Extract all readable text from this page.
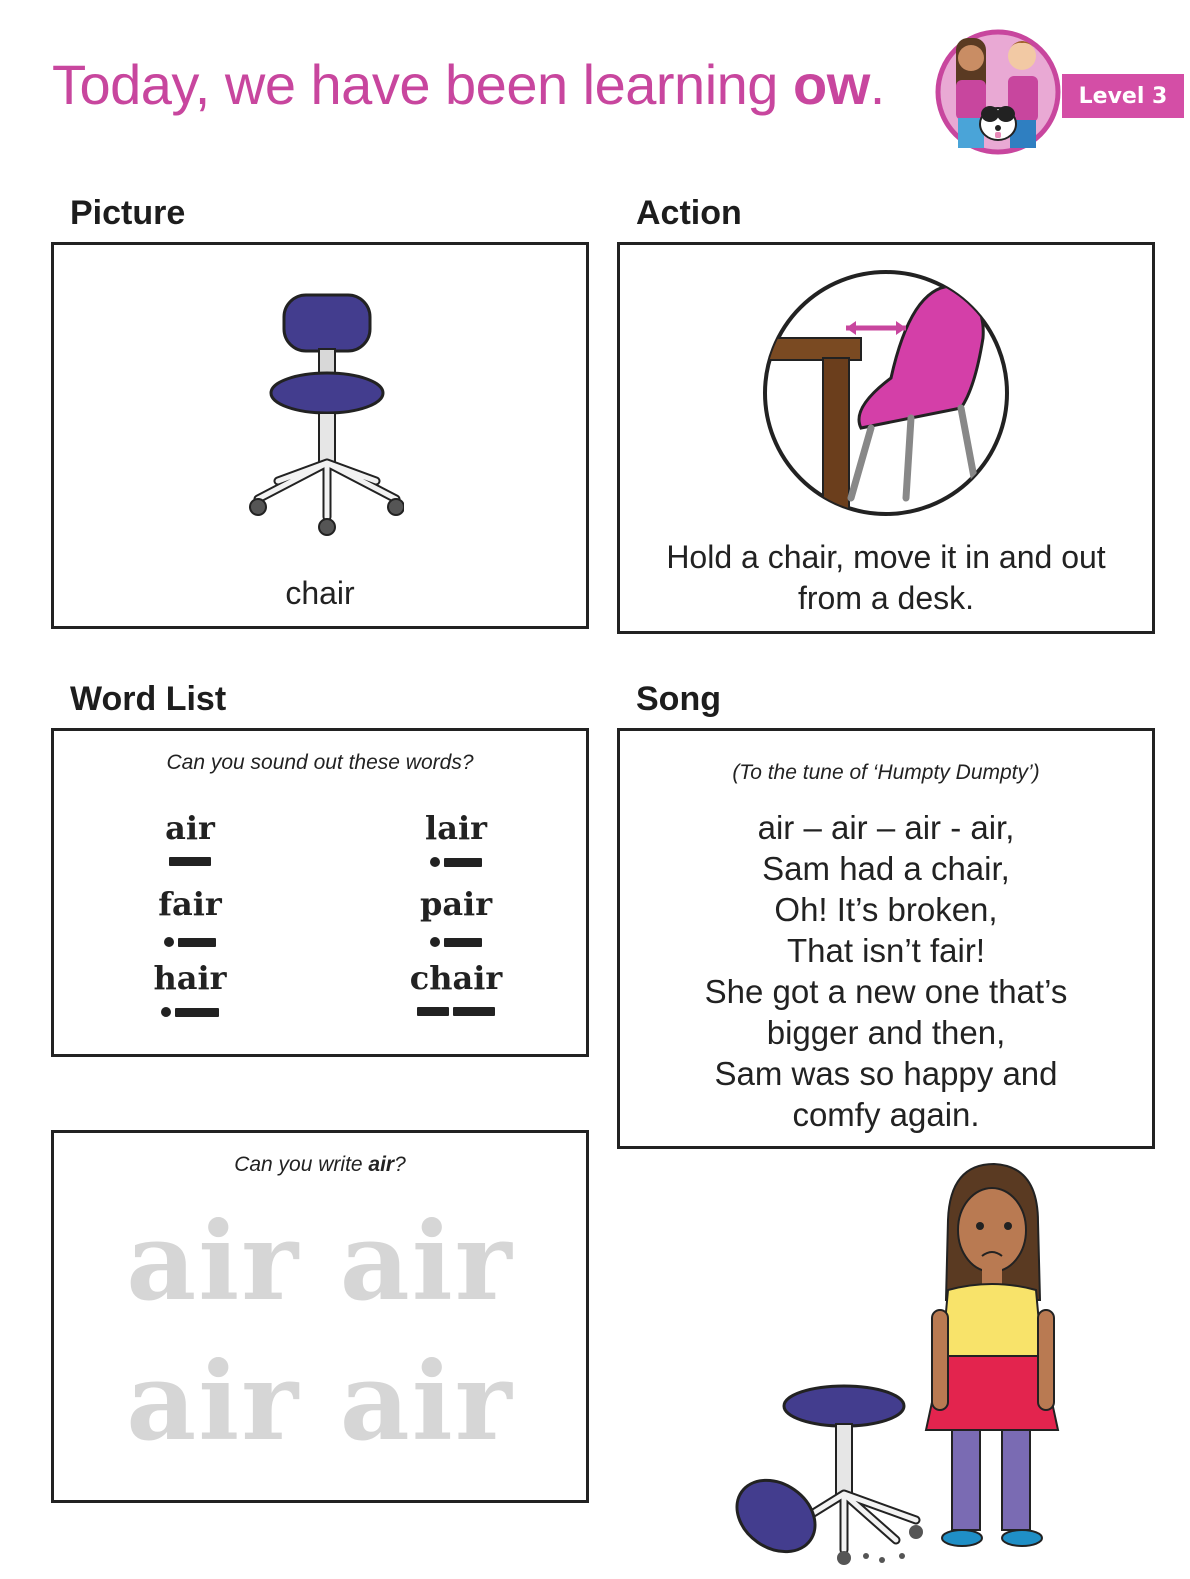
Today, we have been learning ow.	Level 3
Picture
chair
Action
Hold a chair, move it in and out
from a desk.
Word List
Can you sound out these words?
air	lair
fair	pair
hair	chair
Song
(To the tune of ‘Humpty Dumpty’)
air – air – air - air,
Sam had a chair,
Oh! It’s broken,
That isn’t fair!
She got a new one that’s
bigger and then,
Sam was so happy and
comfy again.
Can you write air?
air air
air air
